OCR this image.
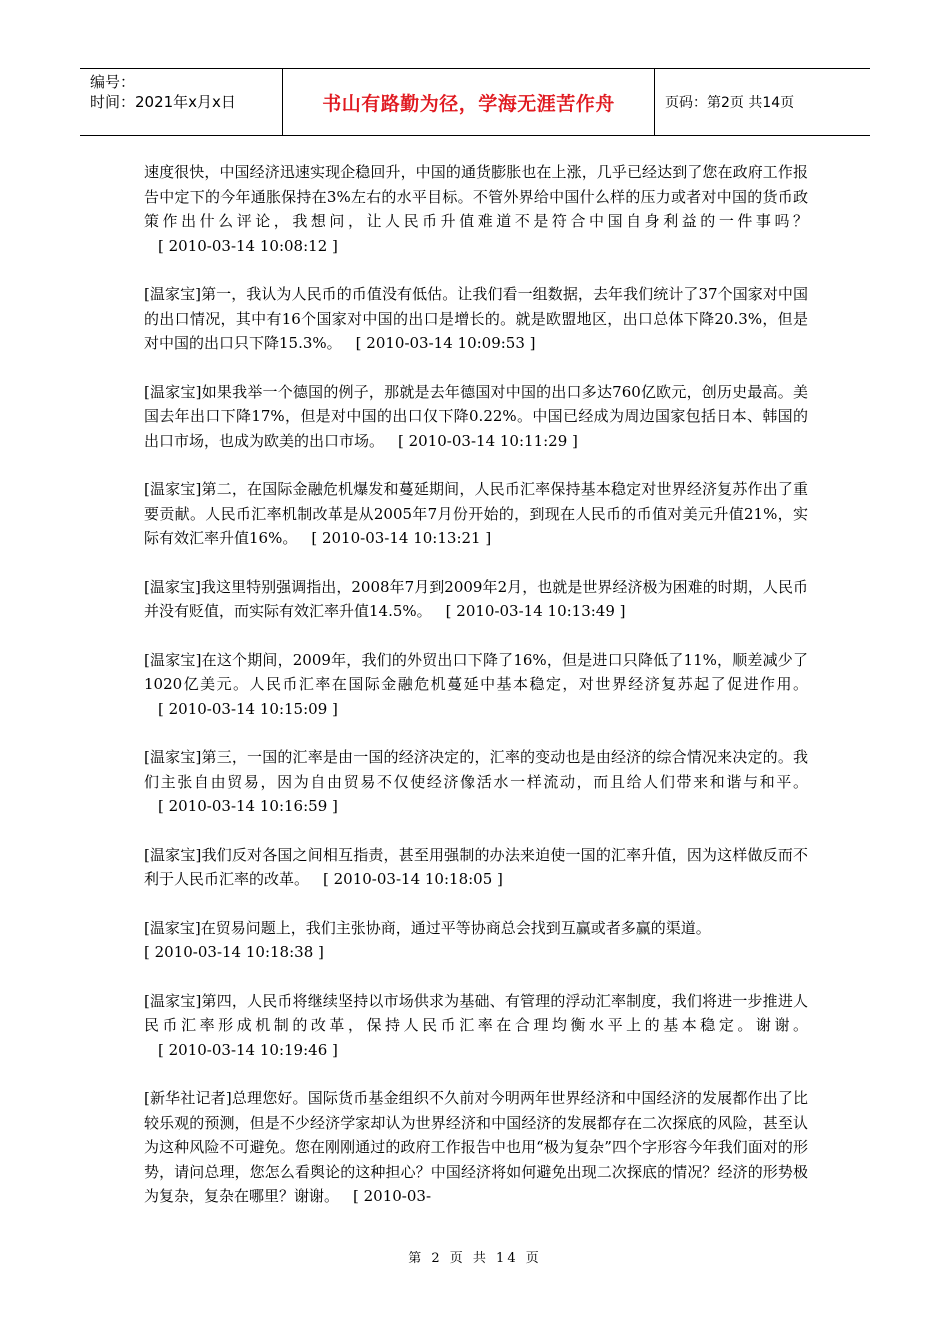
编号：
时间：2021年x月x日	书山有路勤为径，学海无涯苦作舟	页码：第2页 共14页

速度很快，中国经济迅速实现企稳回升，中国的通货膨胀也在上涨，几乎已经达到了您在政府工作报告中定下的今年通胀保持在3%左右的水平目标。不管外界给中国什么样的压力或者对中国的货币政策作出什么评论，我想问，让人民币升值难道不是符合中国自身利益的一件事吗？[ 2010-03-14 10:08:12 ]

[温家宝]第一，我认为人民币的币值没有低估。让我们看一组数据，去年我们统计了37个国家对中国的出口情况，其中有16个国家对中国的出口是增长的。就是欧盟地区，出口总体下降20.3%，但是对中国的出口只下降15.3%。 [ 2010-03-14 10:09:53 ]

[温家宝]如果我举一个德国的例子，那就是去年德国对中国的出口多达760亿欧元，创历史最高。美国去年出口下降17%，但是对中国的出口仅下降0.22%。中国已经成为周边国家包括日本、韩国的出口市场，也成为欧美的出口市场。 [ 2010-03-14 10:11:29 ]

[温家宝]第二，在国际金融危机爆发和蔓延期间，人民币汇率保持基本稳定对世界经济复苏作出了重要贡献。人民币汇率机制改革是从2005年7月份开始的，到现在人民币的币值对美元升值21%，实际有效汇率升值16%。 [ 2010-03-14 10:13:21 ]

[温家宝]我这里特别强调指出，2008年7月到2009年2月，也就是世界经济极为困难的时期，人民币并没有贬值，而实际有效汇率升值14.5%。 [ 2010-03-14 10:13:49 ]

[温家宝]在这个期间，2009年，我们的外贸出口下降了16%，但是进口只降低了11%，顺差减少了1020亿美元。人民币汇率在国际金融危机蔓延中基本稳定，对世界经济复苏起了促进作用。[ 2010-03-14 10:15:09 ]

[温家宝]第三，一国的汇率是由一国的经济决定的，汇率的变动也是由经济的综合情况来决定的。我们主张自由贸易，因为自由贸易不仅使经济像活水一样流动，而且给人们带来和谐与和平。[ 2010-03-14 10:16:59 ]

[温家宝]我们反对各国之间相互指责，甚至用强制的办法来迫使一国的汇率升值，因为这样做反而不利于人民币汇率的改革。 [ 2010-03-14 10:18:05 ]

[温家宝]在贸易问题上，我们主张协商，通过平等协商总会找到互赢或者多赢的渠道。
[ 2010-03-14 10:18:38 ]

[温家宝]第四，人民币将继续坚持以市场供求为基础、有管理的浮动汇率制度，我们将进一步推进人民币汇率形成机制的改革，保持人民币汇率在合理均衡水平上的基本稳定。谢谢。[ 2010-03-14 10:19:46 ]

[新华社记者]总理您好。国际货币基金组织不久前对今明两年世界经济和中国经济的发展都作出了比较乐观的预测，但是不少经济学家却认为世界经济和中国经济的发展都存在二次探底的风险，甚至认为这种风险不可避免。您在刚刚通过的政府工作报告中也用“极为复杂”四个字形容今年我们面对的形势，请问总理，您怎么看舆论的这种担心？中国经济将如何避免出现二次探底的情况？经济的形势极为复杂，复杂在哪里？谢谢。 [ 2010-03-

第 2 页 共 14 页
